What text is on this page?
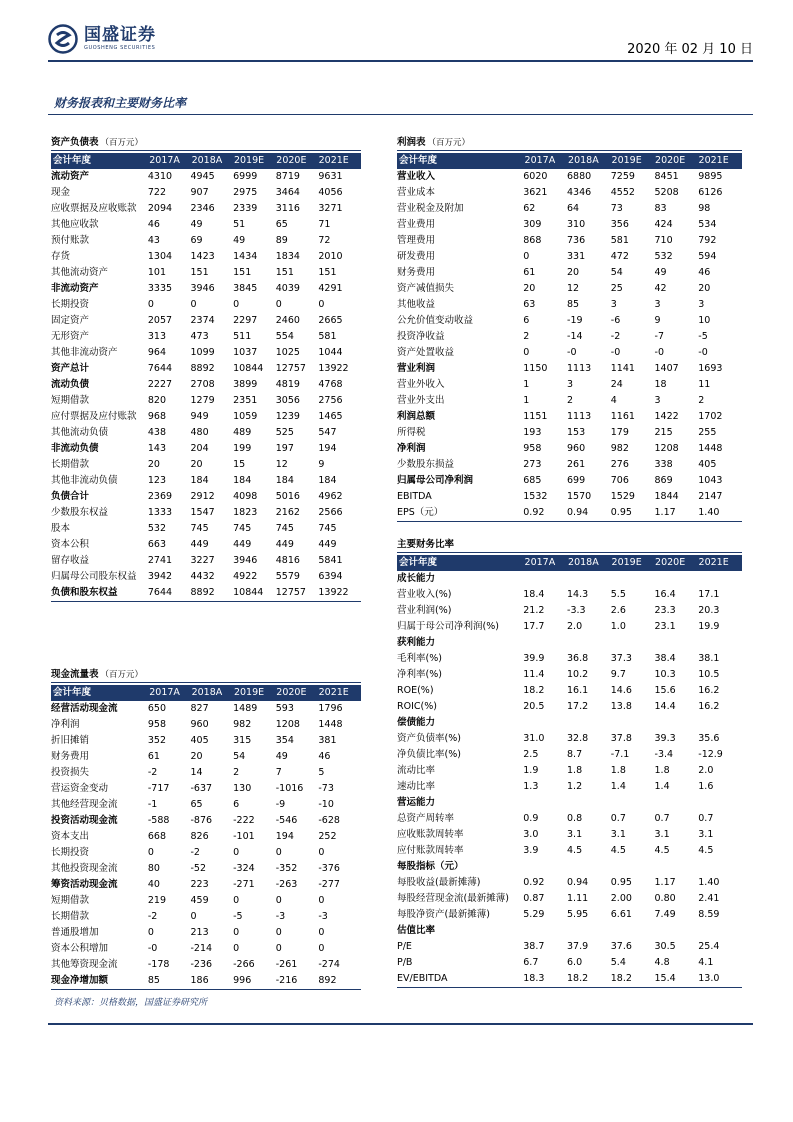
国盛证券
GUOSHENG SECURITIES	2020 年 02 月 10 日
财务报表和主要财务比率
资产负债表 （百万元）
会计年度	2017A	2018A	2019E	2020E	2021E
流动资产	4310	4945	6999	8719	9631
现金	722	907	2975	3464	4056
应收票据及应收账款	2094	2346	2339	3116	3271
其他应收款	46	49	51	65	71
预付账款	43	69	49	89	72
存货	1304	1423	1434	1834	2010
其他流动资产	101	151	151	151	151
非流动资产	3335	3946	3845	4039	4291
长期投资	0	0	0	0	0
固定资产	2057	2374	2297	2460	2665
无形资产	313	473	511	554	581
其他非流动资产	964	1099	1037	1025	1044
资产总计	7644	8892	10844	12757	13922
流动负债	2227	2708	3899	4819	4768
短期借款	820	1279	2351	3056	2756
应付票据及应付账款	968	949	1059	1239	1465
其他流动负债	438	480	489	525	547
非流动负债	143	204	199	197	194
长期借款	20	20	15	12	9
其他非流动负债	123	184	184	184	184
负债合计	2369	2912	4098	5016	4962
少数股东权益	1333	1547	1823	2162	2566
股本	532	745	745	745	745
资本公积	663	449	449	449	449
留存收益	2741	3227	3946	4816	5841
归属母公司股东权益	3942	4432	4922	5579	6394
负债和股东权益	7644	8892	10844	12757	13922
利润表 （百万元）
会计年度	2017A	2018A	2019E	2020E	2021E
营业收入	6020	6880	7259	8451	9895
营业成本	3621	4346	4552	5208	6126
营业税金及附加	62	64	73	83	98
营业费用	309	310	356	424	534
管理费用	868	736	581	710	792
研发费用	0	331	472	532	594
财务费用	61	20	54	49	46
资产减值损失	20	12	25	42	20
其他收益	63	85	3	3	3
公允价值变动收益	6	-19	-6	9	10
投资净收益	2	-14	-2	-7	-5
资产处置收益	0	-0	-0	-0	-0
营业利润	1150	1113	1141	1407	1693
营业外收入	1	3	24	18	11
营业外支出	1	2	4	3	2
利润总额	1151	1113	1161	1422	1702
所得税	193	153	179	215	255
净利润	958	960	982	1208	1448
少数股东损益	273	261	276	338	405
归属母公司净利润	685	699	706	869	1043
EBITDA	1532	1570	1529	1844	2147
EPS（元）	0.92	0.94	0.95	1.17	1.40
现金流量表 （百万元）
会计年度	2017A	2018A	2019E	2020E	2021E
经营活动现金流	650	827	1489	593	1796
净利润	958	960	982	1208	1448
折旧摊销	352	405	315	354	381
财务费用	61	20	54	49	46
投资损失	-2	14	2	7	5
营运资金变动	-717	-637	130	-1016	-73
其他经营现金流	-1	65	6	-9	-10
投资活动现金流	-588	-876	-222	-546	-628
资本支出	668	826	-101	194	252
长期投资	0	-2	0	0	0
其他投资现金流	80	-52	-324	-352	-376
筹资活动现金流	40	223	-271	-263	-277
短期借款	219	459	0	0	0
长期借款	-2	0	-5	-3	-3
普通股增加	0	213	0	0	0
资本公积增加	-0	-214	0	0	0
其他筹资现金流	-178	-236	-266	-261	-274
现金净增加额	85	186	996	-216	892
主要财务比率
会计年度	2017A	2018A	2019E	2020E	2021E
成长能力
营业收入(%)	18.4	14.3	5.5	16.4	17.1
营业利润(%)	21.2	-3.3	2.6	23.3	20.3
归属于母公司净利润(%)	17.7	2.0	1.0	23.1	19.9
获利能力
毛利率(%)	39.9	36.8	37.3	38.4	38.1
净利率(%)	11.4	10.2	9.7	10.3	10.5
ROE(%)	18.2	16.1	14.6	15.6	16.2
ROIC(%)	20.5	17.2	13.8	14.4	16.2
偿债能力
资产负债率(%)	31.0	32.8	37.8	39.3	35.6
净负债比率(%)	2.5	8.7	-7.1	-3.4	-12.9
流动比率	1.9	1.8	1.8	1.8	2.0
速动比率	1.3	1.2	1.4	1.4	1.6
营运能力
总资产周转率	0.9	0.8	0.7	0.7	0.7
应收账款周转率	3.0	3.1	3.1	3.1	3.1
应付账款周转率	3.9	4.5	4.5	4.5	4.5
每股指标（元）
每股收益(最新摊薄)	0.92	0.94	0.95	1.17	1.40
每股经营现金流(最新摊薄)	0.87	1.11	2.00	0.80	2.41
每股净资产(最新摊薄)	5.29	5.95	6.61	7.49	8.59
估值比率
P/E	38.7	37.9	37.6	30.5	25.4
P/B	6.7	6.0	5.4	4.8	4.1
EV/EBITDA	18.3	18.2	18.2	15.4	13.0
资料来源：贝格数据，国盛证券研究所
